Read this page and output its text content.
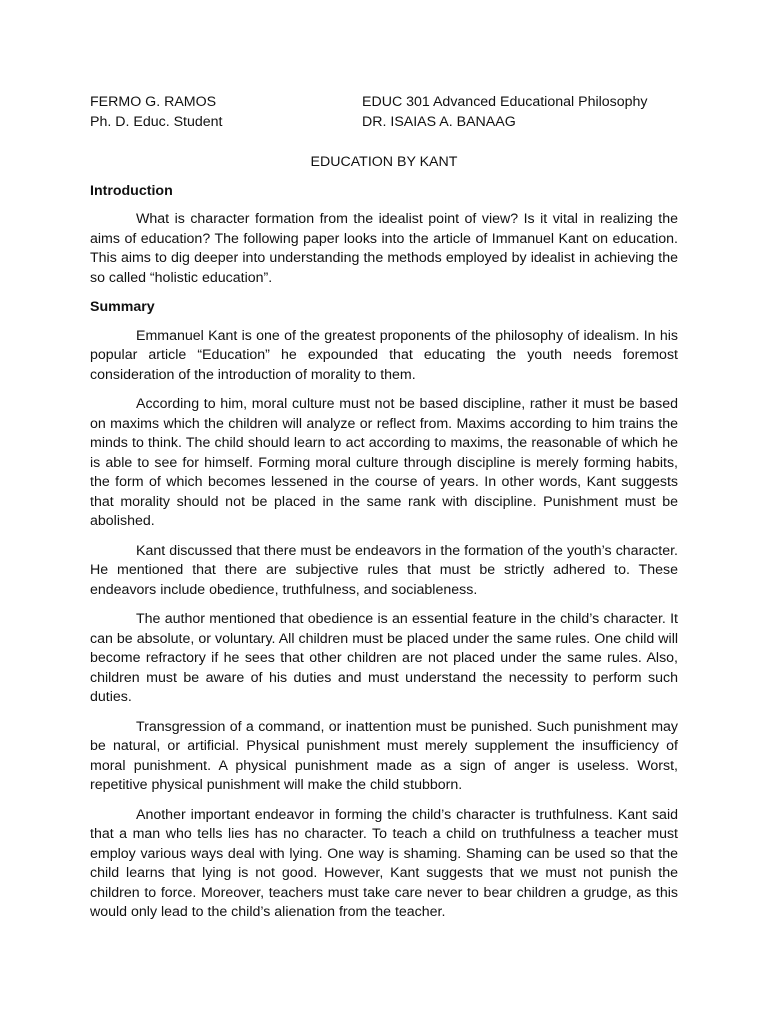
FERMO G. RAMOS
Ph. D. Educ. Student
EDUC 301 Advanced Educational Philosophy
DR. ISAIAS A. BANAAG
EDUCATION BY KANT
Introduction

What is character formation from the idealist point of view? Is it vital in realizing the aims of education? The following paper looks into the article of Immanuel Kant on education. This aims to dig deeper into understanding the methods employed by idealist in achieving the so called “holistic education”.

Summary

Emmanuel Kant is one of the greatest proponents of the philosophy of idealism. In his popular article “Education” he expounded that educating the youth needs foremost consideration of the introduction of morality to them.

According to him, moral culture must not be based discipline, rather it must be based on maxims which the children will analyze or reflect from. Maxims according to him trains the minds to think. The child should learn to act according to maxims, the reasonable of which he is able to see for himself. Forming moral culture through discipline is merely forming habits, the form of which becomes lessened in the course of years. In other words, Kant suggests that morality should not be placed in the same rank with discipline. Punishment must be abolished.

Kant discussed that there must be endeavors in the formation of the youth’s character. He mentioned that there are subjective rules that must be strictly adhered to. These endeavors include obedience, truthfulness, and sociableness.

The author mentioned that obedience is an essential feature in the child’s character. It can be absolute, or voluntary. All children must be placed under the same rules. One child will become refractory if he sees that other children are not placed under the same rules. Also, children must be aware of his duties and must understand the necessity to perform such duties.

Transgression of a command, or inattention must be punished. Such punishment may be natural, or artificial. Physical punishment must merely supplement the insufficiency of moral punishment. A physical punishment made as a sign of anger is useless. Worst, repetitive physical punishment will make the child stubborn.

Another important endeavor in forming the child’s character is truthfulness. Kant said that a man who tells lies has no character. To teach a child on truthfulness a teacher must employ various ways deal with lying. One way is shaming. Shaming can be used so that the child learns that lying is not good. However, Kant suggests that we must not punish the children to force. Moreover, teachers must take care never to bear children a grudge, as this would only lead to the child’s alienation from the teacher.
